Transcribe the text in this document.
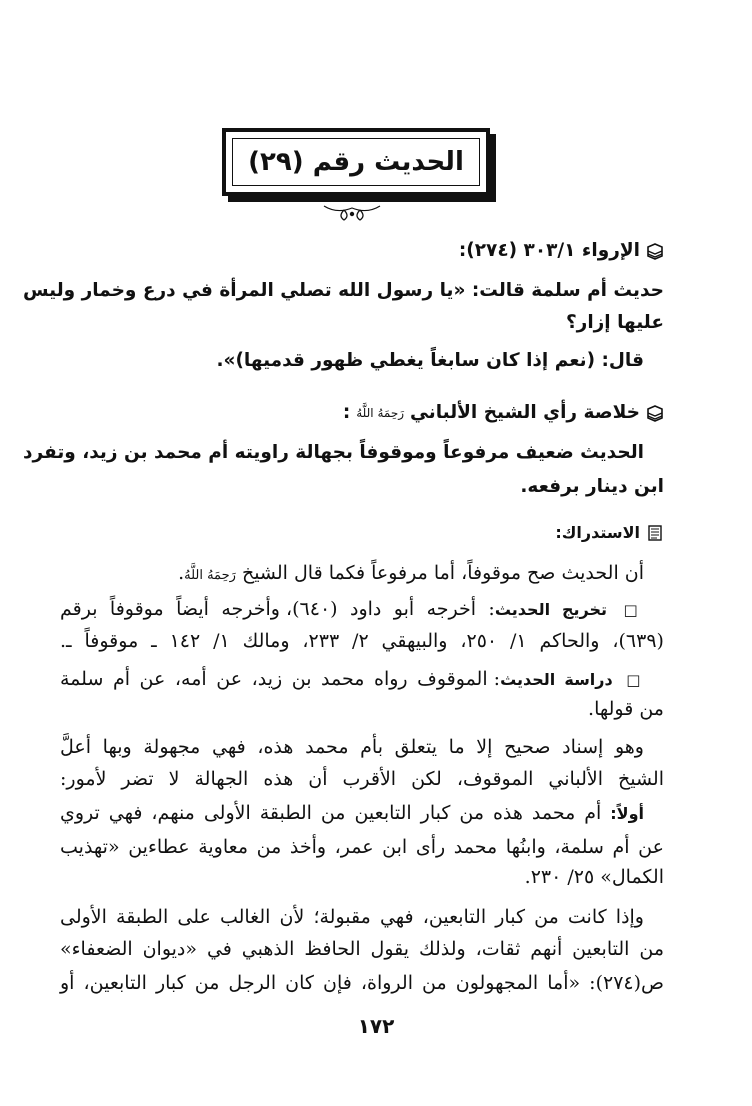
الحديث رقم (٢٩)
الإرواء ٣٠٣/١ (٢٧٤):
حديث أم سلمة قالت: «يا رسول الله تصلي المرأة في درع وخمار وليس
عليها إزار؟
قال: (نعم إذا كان سابغاً يغطي ظهور قدميها)».
خلاصة رأي الشيخ الألباني
رَحِمَهُ اللَّهُ
:
الحديث ضعيف مرفوعاً وموقوفاً بجهالة راويته أم محمد بن زيد، وتفرد
ابن دينار برفعه.
الاستدراك:
أن الحديث صح موقوفاً، أما مرفوعاً فكما قال الشيخ رَحِمَهُ اللَّهُ.
□ تخريج الحديث: أخرجه أبو داود (٦٤٠)، وأخرجه أيضاً موقوفاً برقم
(٦٣٩)، والحاكم ١/ ٢٥٠، والبيهقي ٢/ ٢٣٣، ومالك ١/ ١٤٢ ـ موقوفاً ـ.
□ دراسة الحديث: الموقوف رواه محمد بن زيد، عن أمه، عن أم سلمة
من قولها.
وهو إسناد صحيح إلا ما يتعلق بأم محمد هذه، فهي مجهولة وبها أعلَّ
الشيخ الألباني الموقوف، لكن الأقرب أن هذه الجهالة لا تضر لأمور:
أولاً: أم محمد هذه من كبار التابعين من الطبقة الأولى منهم، فهي تروي
عن أم سلمة، وابنُها محمد رأى ابن عمر، وأخذ من معاوية عطاءين «تهذيب
الكمال» ٢٥/ ٢٣٠.
وإذا كانت من كبار التابعين، فهي مقبولة؛ لأن الغالب على الطبقة الأولى
من التابعين أنهم ثقات، ولذلك يقول الحافظ الذهبي في «ديوان الضعفاء»
ص(٢٧٤): «أما المجهولون من الرواة، فإن كان الرجل من كبار التابعين، أو
١٧٢
